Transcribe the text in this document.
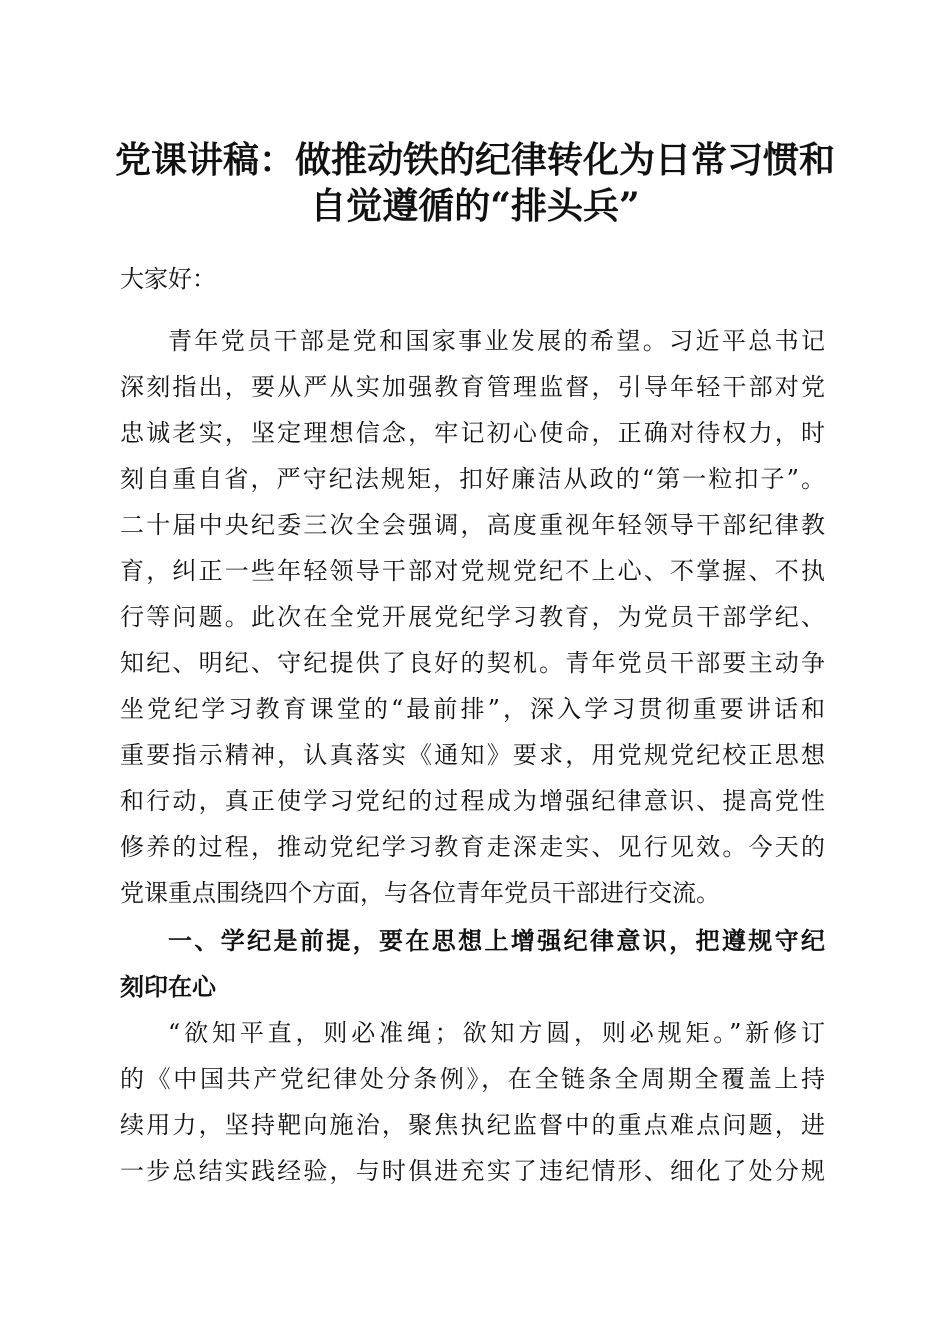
党课讲稿：做推动铁的纪律转化为日常习惯和
自觉遵循的“排头兵”
大家好：
青年党员干部是党和国家事业发展的希望。习近平总书记
深刻指出，要从严从实加强教育管理监督，引导年轻干部对党
忠诚老实，坚定理想信念，牢记初心使命，正确对待权力，时
刻自重自省，严守纪法规矩，扣好廉洁从政的“第一粒扣子”。
二十届中央纪委三次全会强调，高度重视年轻领导干部纪律教
育，纠正一些年轻领导干部对党规党纪不上心、不掌握、不执
行等问题。此次在全党开展党纪学习教育，为党员干部学纪、
知纪、明纪、守纪提供了良好的契机。青年党员干部要主动争
坐党纪学习教育课堂的“最前排”，深入学习贯彻重要讲话和
重要指示精神，认真落实《通知》要求，用党规党纪校正思想
和行动，真正使学习党纪的过程成为增强纪律意识、提高党性
修养的过程，推动党纪学习教育走深走实、见行见效。今天的
党课重点围绕四个方面，与各位青年党员干部进行交流。
一、学纪是前提，要在思想上增强纪律意识，把遵规守纪
刻印在心
“欲知平直，则必准绳；欲知方圆，则必规矩。”新修订
的《中国共产党纪律处分条例》，在全链条全周期全覆盖上持
续用力，坚持靶向施治，聚焦执纪监督中的重点难点问题，进
一步总结实践经验，与时俱进充实了违纪情形、细化了处分规
